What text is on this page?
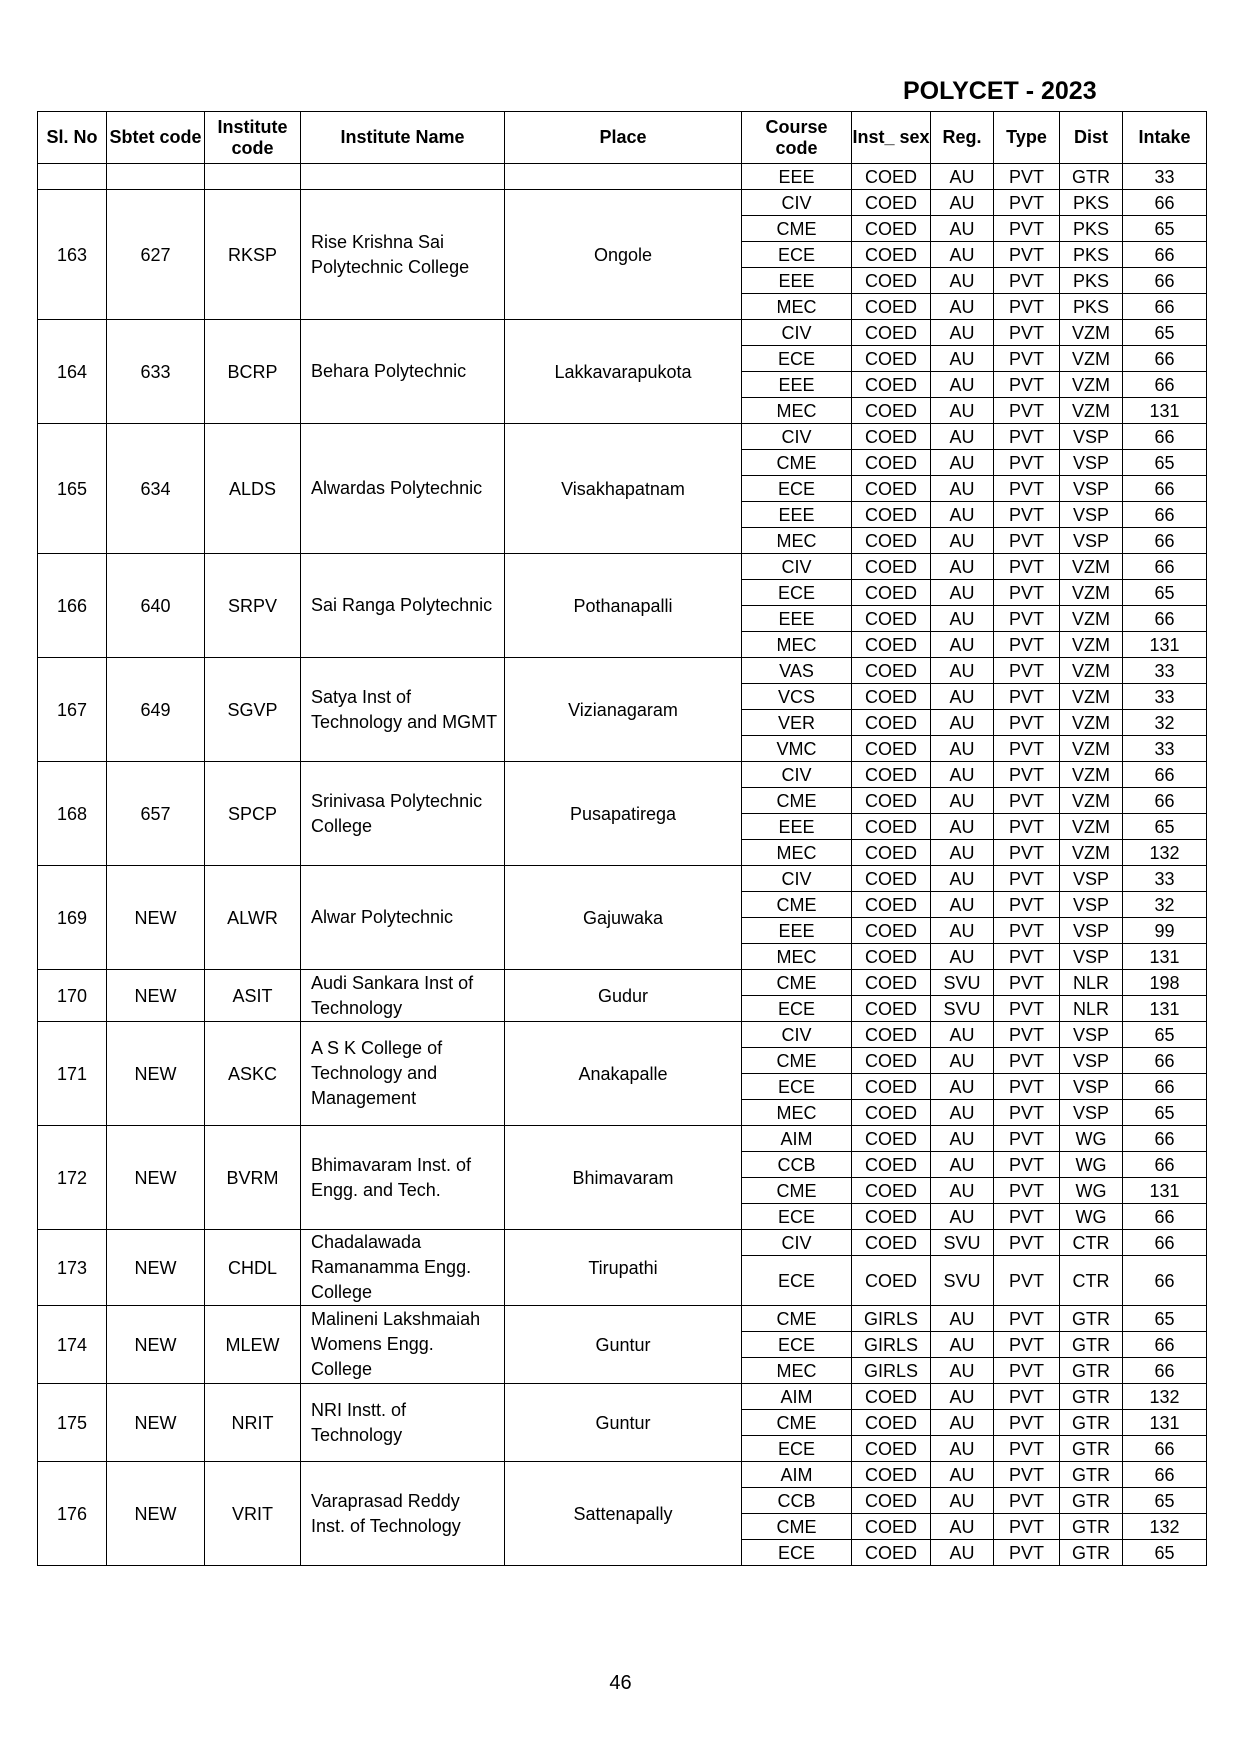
POLYCET - 2023
Sl. No	Sbtet code	Institute code	Institute Name	Place	Course code	Inst_ sex	Reg.	Type	Dist	Intake
					EEE	COED	AU	PVT	GTR	33
163	627	RKSP	Rise Krishna Sai Polytechnic College	Ongole	CIV	COED	AU	PVT	PKS	66
					CME	COED	AU	PVT	PKS	65
					ECE	COED	AU	PVT	PKS	66
					EEE	COED	AU	PVT	PKS	66
					MEC	COED	AU	PVT	PKS	66
164	633	BCRP	Behara Polytechnic	Lakkavarapukota	CIV	COED	AU	PVT	VZM	65
					ECE	COED	AU	PVT	VZM	66
					EEE	COED	AU	PVT	VZM	66
					MEC	COED	AU	PVT	VZM	131
165	634	ALDS	Alwardas Polytechnic	Visakhapatnam	CIV	COED	AU	PVT	VSP	66
					CME	COED	AU	PVT	VSP	65
					ECE	COED	AU	PVT	VSP	66
					EEE	COED	AU	PVT	VSP	66
					MEC	COED	AU	PVT	VSP	66
166	640	SRPV	Sai Ranga Polytechnic	Pothanapalli	CIV	COED	AU	PVT	VZM	66
					ECE	COED	AU	PVT	VZM	65
					EEE	COED	AU	PVT	VZM	66
					MEC	COED	AU	PVT	VZM	131
167	649	SGVP	Satya Inst of Technology and MGMT	Vizianagaram	VAS	COED	AU	PVT	VZM	33
					VCS	COED	AU	PVT	VZM	33
					VER	COED	AU	PVT	VZM	32
					VMC	COED	AU	PVT	VZM	33
168	657	SPCP	Srinivasa Polytechnic College	Pusapatirega	CIV	COED	AU	PVT	VZM	66
					CME	COED	AU	PVT	VZM	66
					EEE	COED	AU	PVT	VZM	65
					MEC	COED	AU	PVT	VZM	132
169	NEW	ALWR	Alwar Polytechnic	Gajuwaka	CIV	COED	AU	PVT	VSP	33
					CME	COED	AU	PVT	VSP	32
					EEE	COED	AU	PVT	VSP	99
					MEC	COED	AU	PVT	VSP	131
170	NEW	ASIT	Audi Sankara Inst of Technology	Gudur	CME	COED	SVU	PVT	NLR	198
					ECE	COED	SVU	PVT	NLR	131
171	NEW	ASKC	A S K College of Technology and Management	Anakapalle	CIV	COED	AU	PVT	VSP	65
					CME	COED	AU	PVT	VSP	66
					ECE	COED	AU	PVT	VSP	66
					MEC	COED	AU	PVT	VSP	65
172	NEW	BVRM	Bhimavaram Inst. of Engg. and Tech.	Bhimavaram	AIM	COED	AU	PVT	WG	66
					CCB	COED	AU	PVT	WG	66
					CME	COED	AU	PVT	WG	131
					ECE	COED	AU	PVT	WG	66
173	NEW	CHDL	Chadalawada Ramanamma Engg. College	Tirupathi	CIV	COED	SVU	PVT	CTR	66
					ECE	COED	SVU	PVT	CTR	66
174	NEW	MLEW	Malineni Lakshmaiah Womens Engg. College	Guntur	CME	GIRLS	AU	PVT	GTR	65
					ECE	GIRLS	AU	PVT	GTR	66
					MEC	GIRLS	AU	PVT	GTR	66
175	NEW	NRIT	NRI Instt. of Technology	Guntur	AIM	COED	AU	PVT	GTR	132
					CME	COED	AU	PVT	GTR	131
					ECE	COED	AU	PVT	GTR	66
176	NEW	VRIT	Varaprasad Reddy Inst. of Technology	Sattenapally	AIM	COED	AU	PVT	GTR	66
					CCB	COED	AU	PVT	GTR	65
					CME	COED	AU	PVT	GTR	132
					ECE	COED	AU	PVT	GTR	65
46
